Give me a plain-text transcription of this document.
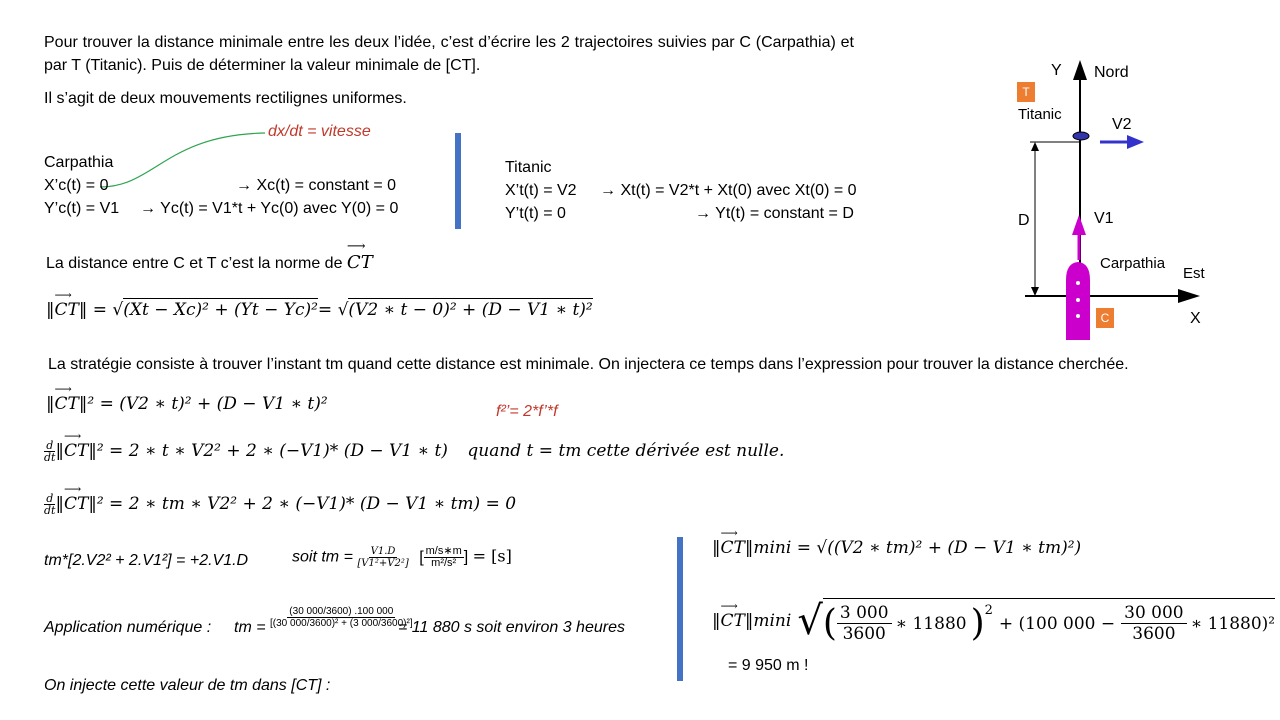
Pour trouver la distance minimale entre les deux l’idée, c’est d’écrire les 2 trajectoires suivies par C (Carpathia) et par T (Titanic). Puis de déterminer la valeur minimale de [CT].
Il s’agit de deux mouvements rectilignes uniformes.
dx/dt = vitesse
Carpathia
X’c(t) = 0	→ Xc(t) = constant = 0
Y’c(t) = V1 → Yc(t) = V1*t + Yc(0) avec Y(0) = 0
Titanic
X’t(t) = V2 → Xt(t) = V2*t + Xt(0) avec Xt(0) = 0
Y’t(t) = 0	→ Yt(t) = constant = D
La distance entre C et T c’est la norme de
⟶
CT
‖
⟶
CT‖ = √(Xt − Xc)² + (Yt − Yc)²= √(V2 ∗ t − 0)² + (D − V1 ∗ t)²
La stratégie consiste à trouver l’instant tm quand cette distance est minimale. On injectera ce temps dans l’expression pour trouver la distance cherchée.
‖
⟶
CT‖² = (V2 ∗ t)² + (D − V1 ∗ t)²	f²’= 2*f’*f
$\frac{d}{dt}$ ‖
⟶
CT‖² = 2 ∗ t ∗ V2² + 2 ∗ (−V1)* (D − V1 ∗ t) quand t = tm cette dérivée est nulle.
$\frac{d}{dt}$ ‖
⟶
CT‖² = 2 ∗ tm ∗ V2² + 2 ∗ (−V1)* (D − V1 ∗ tm) = 0
tm*[2.V2² + 2.V1²] = +2.V1.D	soit tm = $\frac{V1.D}{\text{[V1²+V2²]}}$ [ $\frac{m/s∗m}{\text{m²/s²}}$ ] = [s]
Application numérique : tm = $\frac{(30 000/3600) .100 000}{\text{[(30 000/3600)² + (3 000/3600)²]}}$
= 11 880 s soit environ 3 heures
On injecte cette valeur de tm dans [CT] :
‖
⟶
CT‖mini = √((V2 ∗ tm)² + (D − V1 ∗ tm)²)
‖
⟶
CT ‖ mini √ ( 3 000
3600
∗ 11880 )$^2$
+ (100 $000 - \frac{30 000}{3600}$ ∗ 11880)²
= 9 950 m !
Y Nord
T
Titanic
V2
D	V1
Carpathia
Est
X
C
